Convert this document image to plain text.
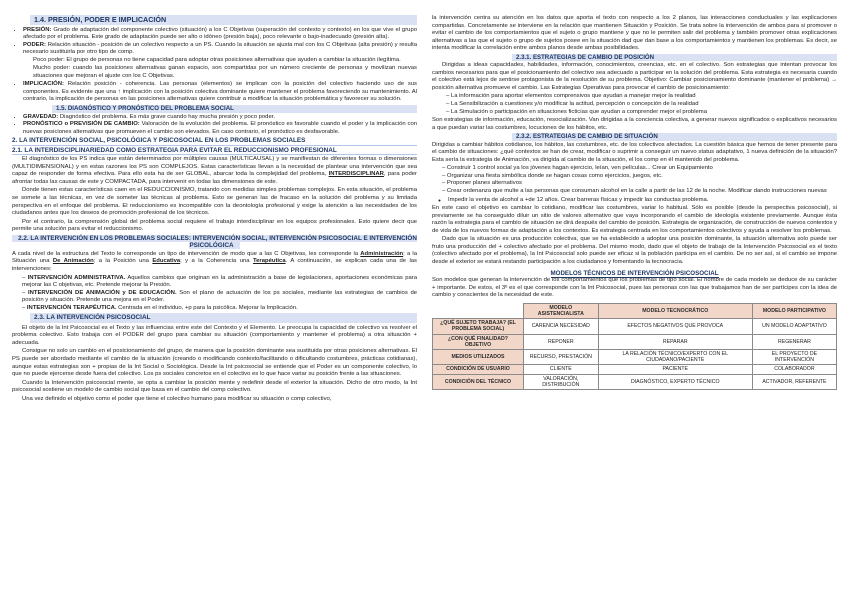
1.4. PRESIÓN, PODER E IMPLICACIÓN
• PRESIÓN: Grado de adaptación del componente colectivo (situación) a los C Objetivas (superación del contexto y contexto) en los que vive el grupo afectado por el problema. Este grado de adaptación puede ser alto o idóneo (presión baja), poco relevante o bajo-inadecuado (presión alta).
• PODER: Relación situación - posición de un colectivo respecto a un PS. Cuando la situación se ajusta mal con los C Objetivas (alta presión) y resulta necesario sustituirla por otro tipo de comp.

Poco poder: El grupo de personas no tiene capacidad para adoptar otras posiciones alternativas que ayuden a cambiar la situación ilegítima.

Mucho poder: cuando las posiciones alternativas ganan espacio, son compartidas por un número creciente de personas y movilizan nuevas situaciones que mejoran el ajuste con los C Objetivas.

• IMPLICACIÓN: Relación posición - coherencia. Las personas (elementos) se implican con la posición del colectivo haciendo uso de sus componentes. Es evidente que una ↑ implicación con la posición colectiva dominante quiere mantener el problema favoreciendo su mantenimiento. Al contrario, la implicación de personas en las posiciones alternativas quiere contribuir a modificar la situación problemática y favorecer su solución.
1.5. DIAGNÓSTICO Y PRONÓSTICO DEL PROBLEMA SOCIAL
• GRAVEDAD: Diagnóstico del problema. Es más grave cuando hay mucha presión y poco poder.
• PRONÓSTICO o PREVISIÓN DE CAMBIO: Valoración de la evolución del problema. El pronóstico es favorable cuando el poder y la implicación con nuevas posiciones alternativas que promueven el cambio son elevados. En caso contrario, el pronóstico es desfavorable.
2. LA INTERVENCIÓN SOCIAL, PSICOLÓGICA Y PSICOSOCIAL EN LOS PROBLEMAS SOCIALES
2.1. LA INTERDISCIPLINARIEDAD COMO ESTRATEGIA PARA EVITAR EL REDUCCIONISMO PROFESIONAL

El diagnóstico de los PS indica que están determinados por múltiples causas (MULTICAUSAL) y se manifiestan de diferentes formas o dimensiones (MULTIDIMENSIONAL) y en estas razones los PS son COMPLEJOS. Estas características llevan a la necesidad de plantear una intervención que sea capaz de responder de forma efectiva. Para ello esta ha de ser GLOBAL, abarcar toda la complejidad del problema, INTERDISCIPLINAR, para poder afrontar todas las causas de este y COMPACTADA, para intervenir en todas las dimensiones de este.

Donde tienen estas características caen en el REDUCCIONISMO, tratando con medidas simples problemas complejos. En esta situación, el problema se somete a las técnicas, en vez de someter las técnicas al problema. Esto se generan las de fracaso en la solución del problema y su limitada perspectiva en el enfoque del problema. El reduccionismo es incompatible con la deontología profesional y exige la atención a las necesidades de los ciudadanos antes que los deseos de promoción profesional de los técnicos.

Por el contrario, la comprensión global del problema social requiere el trabajo interdisciplinar en los equipos profesionales. Esto quiere decir que permite una solución para evitar el reduccionismo.

2.2. LA INTERVENCIÓN EN LOS PROBLEMAS SOCIALES: INTERVENCIÓN SOCIAL, INTERVENCIÓN PSICOSOCIAL E INTERVENCIÓN PSICOLÓGICA

A cada nivel de la estructura del Texto le corresponde un tipo de intervención de modo que a las C Objetivas, les corresponde la Administración; a la Situación una De Animación; a la Posición una Educativa; y a la Coherencia una Terapéutica. A continuación, se explican cada una de las intervenciones:

– INTERVENCIÓN ADMINISTRATIVA. Aquellos cambios que originan en la administración a base de legislaciones, aportaciones económicas para mejorar las C objetivas, etc. Pretende mejorar la Presión.
– INTERVENCIÓN DE ANIMACIÓN y DE EDUCACIÓN. Son el plano de actuación de los ps sociales, mediante las estrategias de cambios de posición y situación. Pretende una mejora en el Poder.
– INTERVENCIÓN TERAPÉUTICA. Centrada en el individuo, +p para la psicólica. Mejorar la Implicación.
2.3. LA INTERVENCIÓN PSICOSOCIAL

El objeto de la Int Psicosocial es el Texto y las influencias entre este del Contexto y el Elemento. Le preocupa la capacidad de colectivo va resolver el problema colectivo. Esto trabaja con el PODER del grupo para cambiar su situación (comportamiento y mantener el problema) a otra situación + adecuada.

Consigue no solo un cambio en el posicionamiento del grupo, de manera que la posición dominante sea sustituida por otras posiciones alternativas. El PS puede ser abordado mediante el cambio de la situación (creando o modificando contexto/facilitando o dificultando costumbres, prácticas cotidianas), aunque estas estrategias son + propias de la Int Social o Sociológica. Desde la Int psicosocial se entiende que el Poder es un componente colectivo, lo que no puede ejercerse desde fuera del colectivo. Los ps sociales concretos en el colectivo es lo que hace variar su posición frente a las situaciones.

Cuando la Intervención psicosocial mente, se opta a cambiar la posición mente y redefinir desde el exterior la situación. Dicho de otro modo, la Int psicosocial sostiene un modelo de cambio social que basa en el cambio del comp colectivo.

Una vez definido el objetivo como el poder que tiene el colectivo humano para modificar su situación o comp colectivo,

la intervención centra su atención en los datos que aporta el texto con respecto a los 2 planos, las interacciones conductuales y las explicaciones compartidas. Concretamente se interviene en la relación que mantienen Situación y Posición. Se trata sobre la intervención de ambos para si promover o evitar el cambio de los comportamientos que el sujeto o grupo mantiene y que no le permiten salir del problema y también promover otras explicaciones alternativas a las que el sujeto o grupo de sujetos posee en la situación dad que dan base a los comportamientos y mantienen los problemas. Es decir, se intenta modificar la correlación entre ambos planos desde ambas posibilidades.

2.3.1. ESTRATEGIAS DE CAMBIO DE POSICIÓN

Dirigidas a ideas capacidades, habilidades, información, conocimientos, creencias, etc. en el colectivo. Son estrategias que intentan provocar los cambios necesarios para que el posicionamiento del colectivo sea adecuado a participar en la solución del problema. Esta estrategia es necesaria cuando el colectivo está lejos de sentirse protagonista de la resolución de su problema. Objetivo: Cambiar posicionamiento dominante (mantener el problema) → posición alternativa promueve el cambio. Las Estrategias Operativas para provocar el cambio de posicionamiento:

– La información para aportar elementos comprensivos que ayudan a manejar mejor la realidad
– La Sensibilización a cuestiones y/o modificar la actitud, percepción o concepción de la realidad
– La Simulación o participación en situaciones ficticias que ayudan a comprender mejor el problema

Son estrategias de información, educación, resocialización. Van dirigidas a la conciencia colectiva, a generar nuevos significados o explicativos necesarios a que puedan variar las costumbres, locuciones de los hábitos, etc.

2.3.2. ESTRATEGIAS DE CAMBIO DE SITUACIÓN

Dirigidas a cambiar hábitos cotidianos, los hábitos, las costumbres, etc. de los colectivos afectados. La cuestión básica que hemos de tener presente para el cambio de situaciones: ¿qué contextos se han de crear, modificar o suprimir a conseguir un nuevo status adaptativo, 1 nueva definición de la situación? Esta sería la estrategia de Animación, va dirigida al cambio de la situación, el los comp en él mantenido del problema.

– Construir 1 control social ya los jóvenes hagan ejercicio, leían, ven películas... Crear un Equipamiento
– Organizar una fiesta simbólica donde se hagan cosas como ejercicios, juegos, etc.
– Proponer planes alternativos
– Crear ordenanza que multe a las personas que consuman alcohol en la calle a partir de las 12 de la noche. Modificar dando instrucciones nuevas
◦ Impedir la venta de alcohol a +de 12 años. Crear barreras físicas y impedir las conductas problema.

En este caso el objetivo es cambiar lo cotidiano, modificar las costumbres, variar lo habitual. Sólo es posible (desde la perspectiva psicosocial), si previamente se ha conseguido diluir un sitio de valores alternativo que vaya incorporando el cambio de ideología existente previamente. Aunque ésta razón la estrategia para el cambio de situación se dirá después del cambio de posición. Estrategia de organización, de construcción de nuevos contextos y de vida de los nuevos formas de adaptación a los contextos. Es estrategia centrada en los comportamientos colectivos y ayuda a resolver los problemas.

Dado que la situación es una producción colectiva, que se ha establecido a adoptar una posición dominante, la situación alternativa solo puede ser fruto una producción del + colectivo afectado por el problema. Del mismo modo, dado que el objeto de trabajo de la Intervención Psicosocial es el texto (colectivo afectado por el problema), la Int Psicosocial solo puede ser eficaz si la población participa en el cambio. De no ser así, si el cambio se impone desde el exterior se estará restando participación a los ciudadanos y fomentando la tecnocracia.

MODELOS TÉCNICOS DE INTERVENCIÓN PSICOSOCIAL

Son modelos que generan la intervención de los comportamientos que los problemas de tipo social. El nombre de cada modelo se deduce de su carácter + importante. De estos, el 3º es el que corresponde con la Int Psicosocial, pues las personas con las que trabajamos han de ser partícipes con la idea de cambio y conscientes de la necesidad de este.

	MODELO ASISTENCIALISTA	MODELO TECNOCRÁTICO	MODELO PARTICIPATIVO
¿QUÉ SUJETO TRABAJA? (EL PROBLEMA SOCIAL)	CARENCIA NECESIDAD	EFECTOS NEGATIVOS QUE PROVOCA	UN MODELO ADAPTATIVO
¿CON QUÉ FINALIDAD? OBJETIVO	REPONER	REPARAR	REGENERAR
MEDIOS UTILIZADOS	RECURSO, PRESTACIÓN	LA RELACIÓN TÉCNICO/EXPERTO CON EL CIUDADANO/PACIENTE	EL PROYECTO DE INTERVENCIÓN
CONDICIÓN DE USUARIO	CLIENTE	PACIENTE	COLABORADOR
CONDICIÓN DEL TÉCNICO	VALORACIÓN, DISTRIBUCIÓN	DIAGNÓSTICO, EXPERTO TÉCNICO	ACTIVADOR, REFERENTE
